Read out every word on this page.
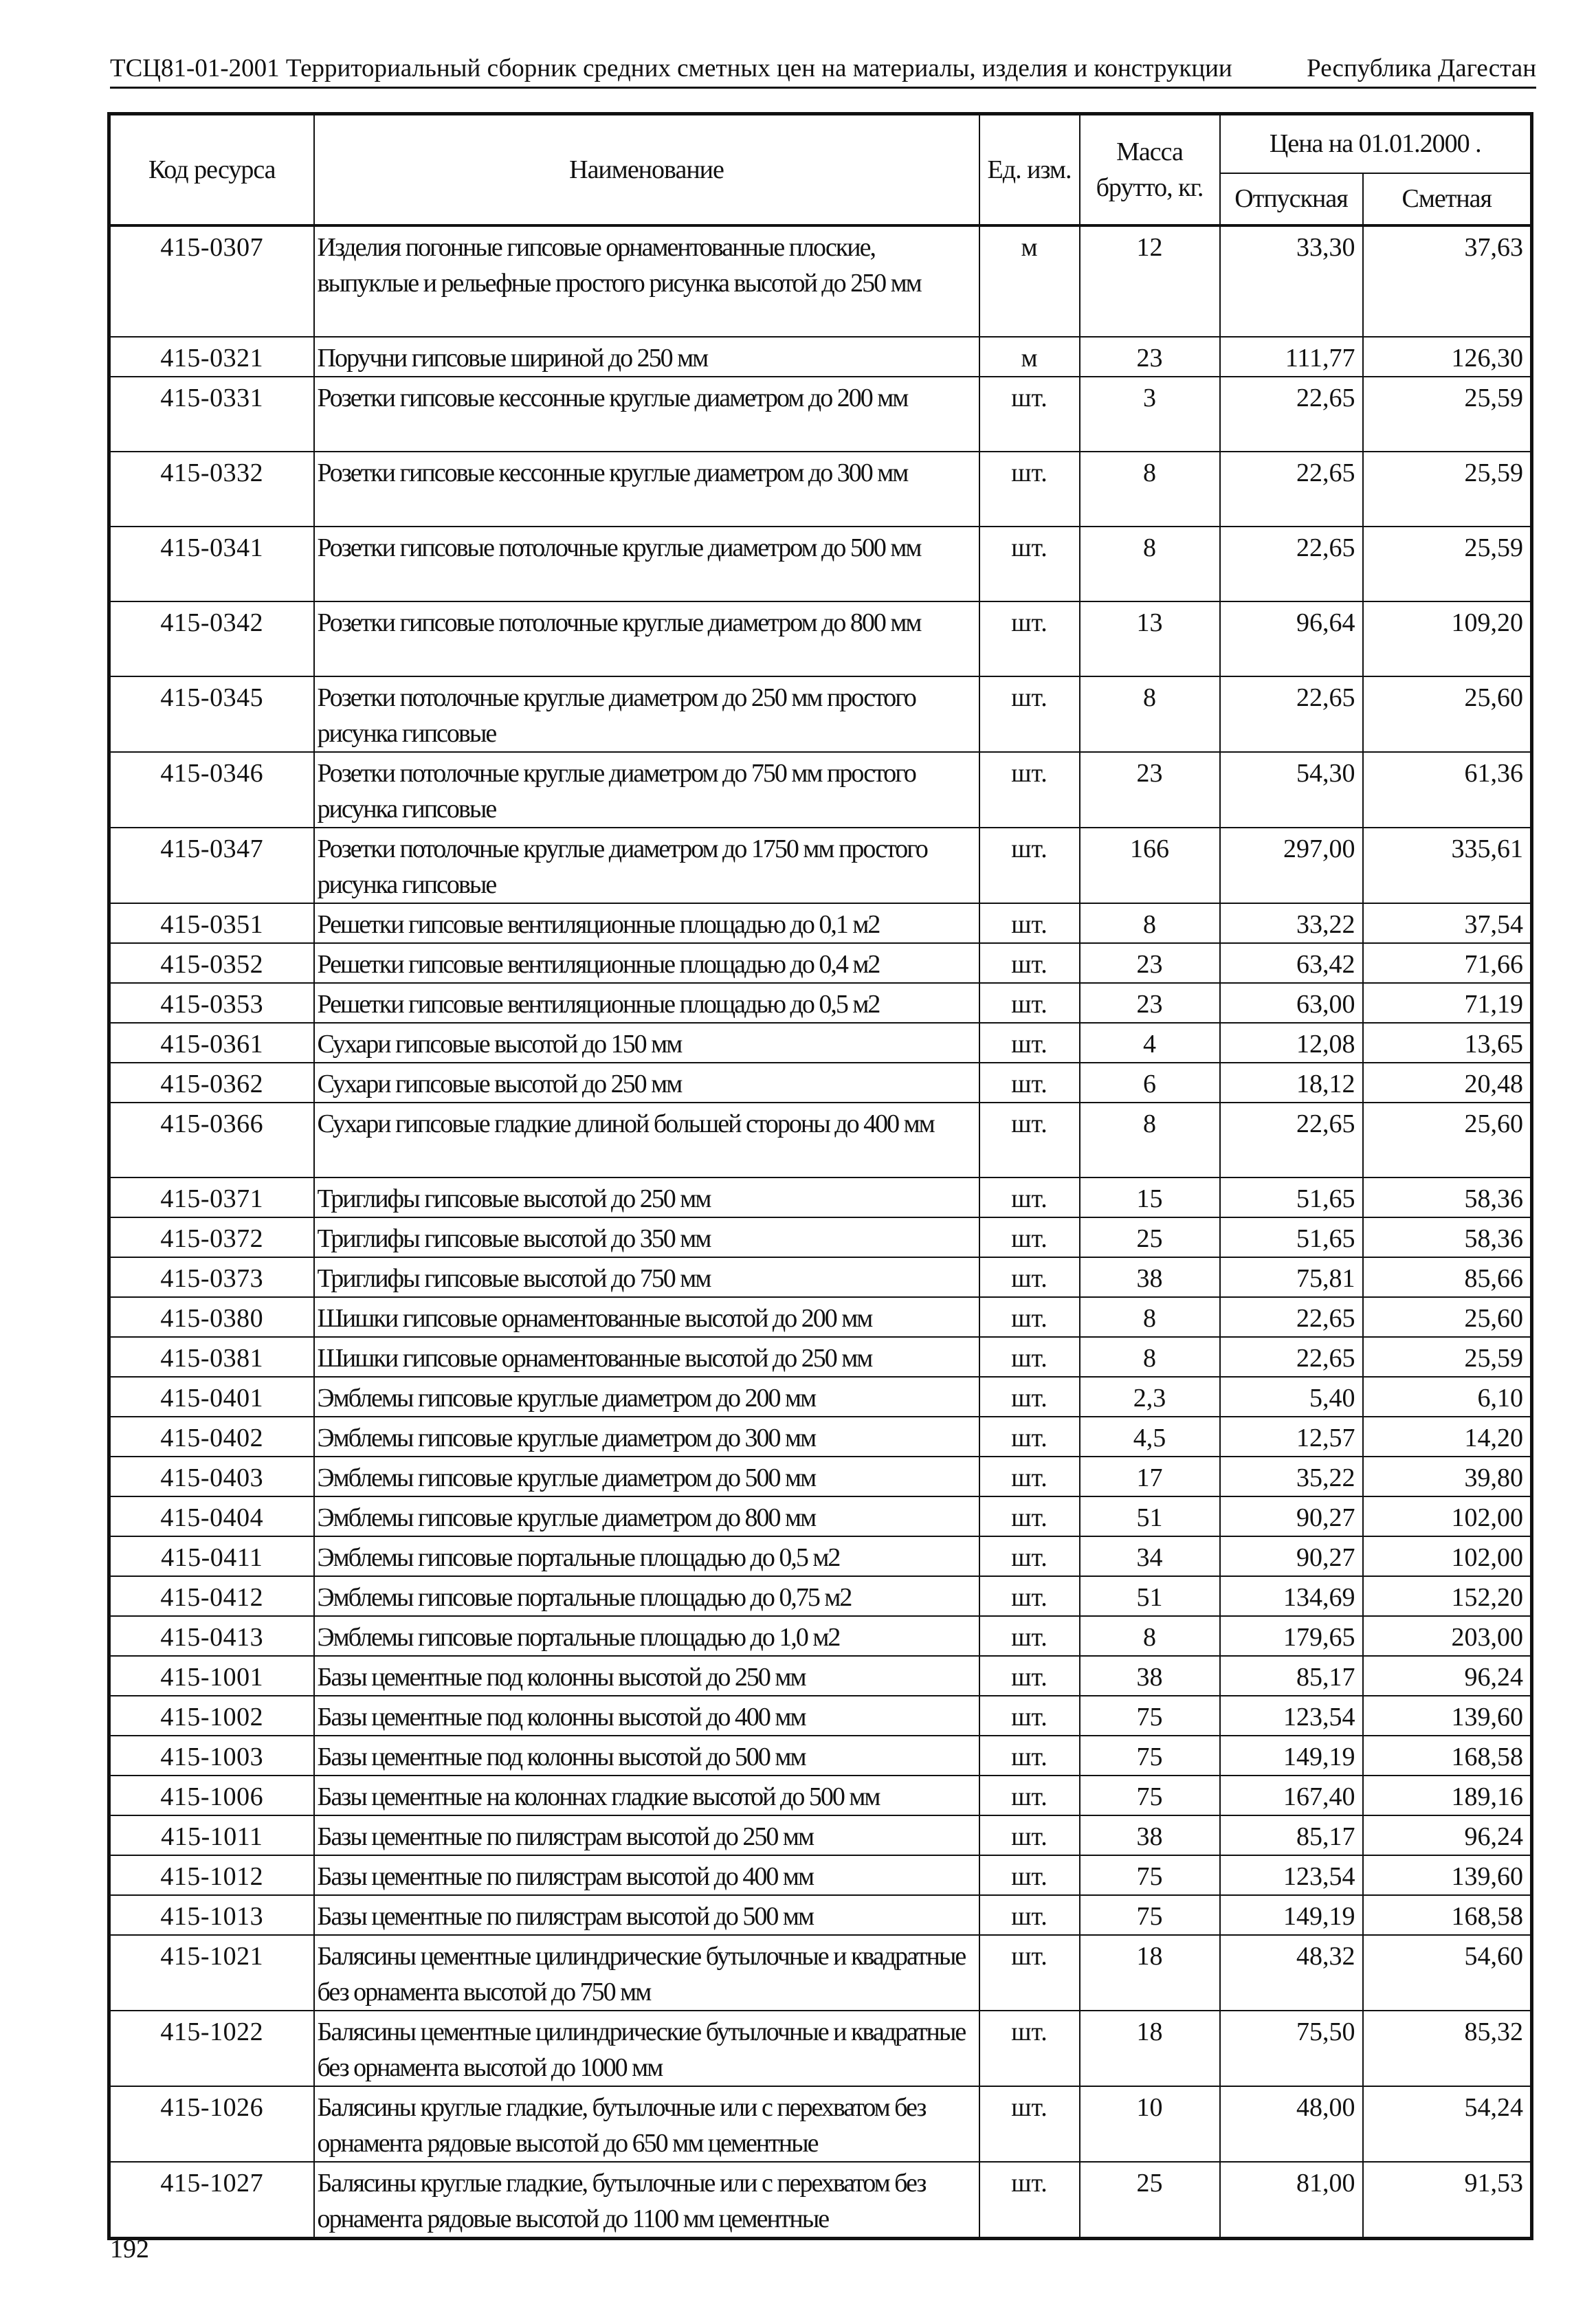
ТСЦ81-01-2001 Территориальный сборник средних сметных цен на материалы, изделия и конструкции	Республика Дагестан
Код ресурса	Наименование	Ед. изм.	Масса брутто, кг.	Цена на 01.01.2000 .	
				Отпускная	Сметная
415-0307	Изделия погонные гипсовые орнаментованные плоские, выпуклые и рельефные простого рисунка высотой до 250 мм	м	12	33,30	37,63
415-0321	Поручни гипсовые шириной до 250 мм	м	23	111,77	126,30
415-0331	Розетки гипсовые кессонные круглые диаметром до 200 мм	шт.	3	22,65	25,59
415-0332	Розетки гипсовые кессонные круглые диаметром до 300 мм	шт.	8	22,65	25,59
415-0341	Розетки гипсовые потолочные круглые диаметром до 500 мм	шт.	8	22,65	25,59
415-0342	Розетки гипсовые потолочные круглые диаметром до 800 мм	шт.	13	96,64	109,20
415-0345	Розетки потолочные круглые диаметром до 250 мм простого рисунка гипсовые	шт.	8	22,65	25,60
415-0346	Розетки потолочные круглые диаметром до 750 мм простого рисунка гипсовые	шт.	23	54,30	61,36
415-0347	Розетки потолочные круглые диаметром до 1750 мм простого рисунка гипсовые	шт.	166	297,00	335,61
415-0351	Решетки гипсовые вентиляционные площадью до 0,1 м2	шт.	8	33,22	37,54
415-0352	Решетки гипсовые вентиляционные площадью до 0,4 м2	шт.	23	63,42	71,66
415-0353	Решетки гипсовые вентиляционные площадью до 0,5 м2	шт.	23	63,00	71,19
415-0361	Сухари гипсовые высотой до 150 мм	шт.	4	12,08	13,65
415-0362	Сухари гипсовые высотой до 250 мм	шт.	6	18,12	20,48
415-0366	Сухари гипсовые гладкие длиной большей стороны до 400 мм	шт.	8	22,65	25,60
415-0371	Триглифы гипсовые высотой до 250 мм	шт.	15	51,65	58,36
415-0372	Триглифы гипсовые высотой до 350 мм	шт.	25	51,65	58,36
415-0373	Триглифы гипсовые высотой до 750 мм	шт.	38	75,81	85,66
415-0380	Шишки гипсовые орнаментованные высотой до 200 мм	шт.	8	22,65	25,60
415-0381	Шишки гипсовые орнаментованные высотой до 250 мм	шт.	8	22,65	25,59
415-0401	Эмблемы гипсовые круглые диаметром до 200 мм	шт.	2,3	5,40	6,10
415-0402	Эмблемы гипсовые круглые диаметром до 300 мм	шт.	4,5	12,57	14,20
415-0403	Эмблемы гипсовые круглые диаметром до 500 мм	шт.	17	35,22	39,80
415-0404	Эмблемы гипсовые круглые диаметром до 800 мм	шт.	51	90,27	102,00
415-0411	Эмблемы гипсовые портальные площадью до 0,5 м2	шт.	34	90,27	102,00
415-0412	Эмблемы гипсовые портальные площадью до 0,75 м2	шт.	51	134,69	152,20
415-0413	Эмблемы гипсовые портальные площадью до 1,0 м2	шт.	8	179,65	203,00
415-1001	Базы цементные под колонны высотой до 250 мм	шт.	38	85,17	96,24
415-1002	Базы цементные под колонны высотой до 400 мм	шт.	75	123,54	139,60
415-1003	Базы цементные под колонны высотой до 500 мм	шт.	75	149,19	168,58
415-1006	Базы цементные на колоннах гладкие высотой до 500 мм	шт.	75	167,40	189,16
415-1011	Базы цементные по пилястрам высотой до 250 мм	шт.	38	85,17	96,24
415-1012	Базы цементные по пилястрам высотой до 400 мм	шт.	75	123,54	139,60
415-1013	Базы цементные по пилястрам высотой до 500 мм	шт.	75	149,19	168,58
415-1021	Балясины цементные цилиндрические бутылочные и квадратные без орнамента высотой до 750 мм	шт.	18	48,32	54,60
415-1022	Балясины цементные цилиндрические бутылочные и квадратные без орнамента высотой до 1000 мм	шт.	18	75,50	85,32
415-1026	Балясины круглые гладкие, бутылочные или с перехватом без орнамента рядовые высотой до 650 мм цементные	шт.	10	48,00	54,24
415-1027	Балясины круглые гладкие, бутылочные или с перехватом без орнамента рядовые высотой до 1100 мм цементные	шт.	25	81,00	91,53
192
